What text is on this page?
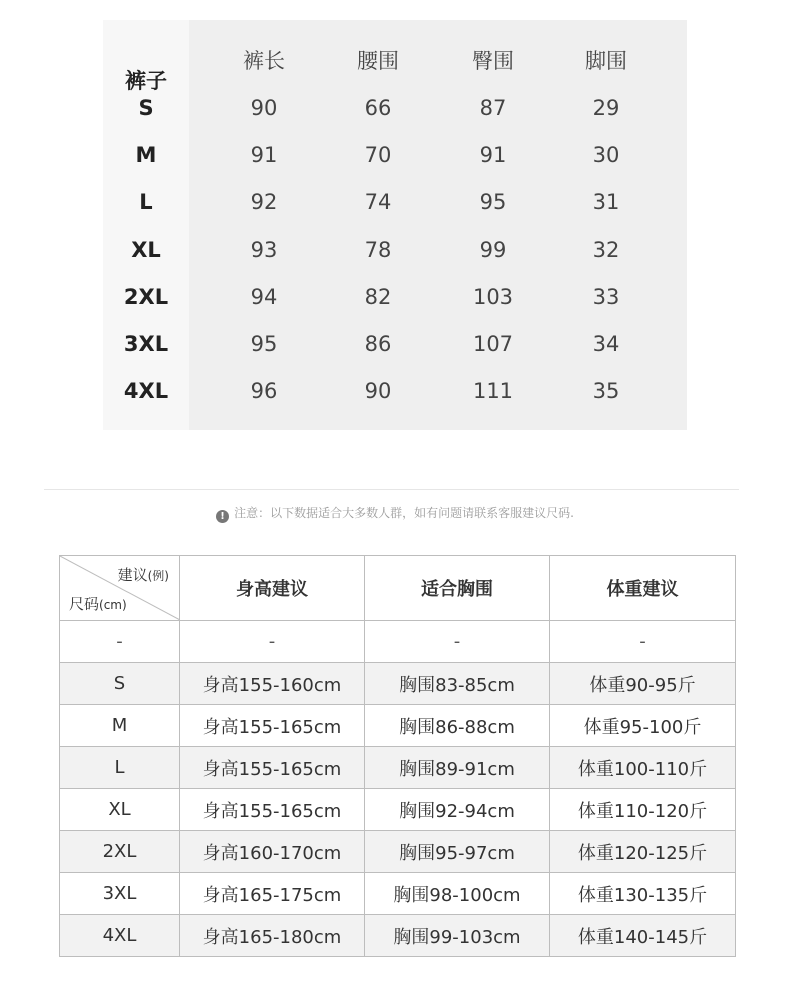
裤子
裤长	腰围	臀围	脚围
S	90	66	87	29
M	91	70	91	30
L	92	74	95	31
XL	93	78	99	32
2XL	94	82	103	33
3XL	95	86	107	34
4XL	96	90	111	35
! 注意：以下数据适合大多数人群，如有问题请联系客服建议尺码.
建议(例)
尺码(cm)	身高建议	适合胸围	体重建议
-	-	-	-
S	身高155-160cm	胸围83-85cm	体重90-95斤
M	身高155-165cm	胸围86-88cm	体重95-100斤
L	身高155-165cm	胸围89-91cm	体重100-110斤
XL	身高155-165cm	胸围92-94cm	体重110-120斤
2XL	身高160-170cm	胸围95-97cm	体重120-125斤
3XL	身高165-175cm	胸围98-100cm	体重130-135斤
4XL	身高165-180cm	胸围99-103cm	体重140-145斤
